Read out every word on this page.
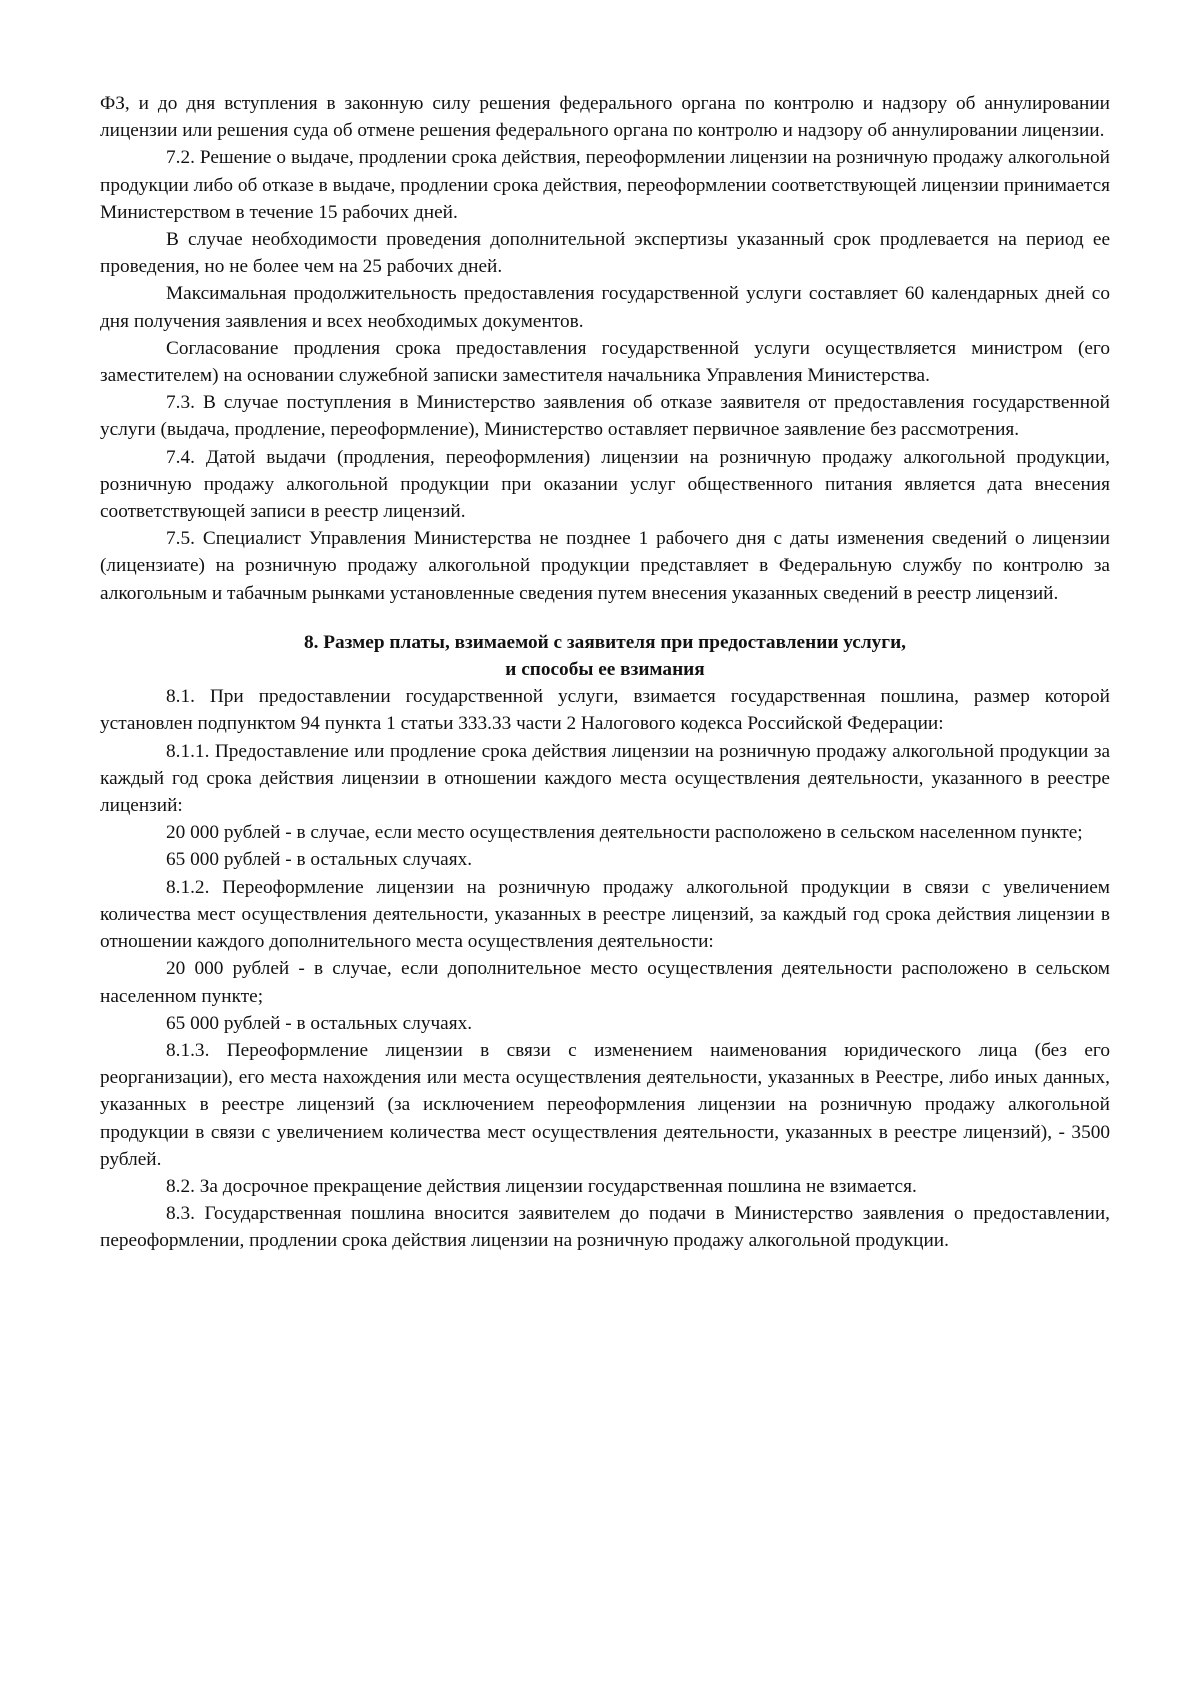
ФЗ, и до дня вступления в законную силу решения федерального органа по контролю и надзору об аннулировании лицензии или решения суда об отмене решения федерального органа по контролю и надзору об аннулировании лицензии.

7.2. Решение о выдаче, продлении срока действия, переоформлении лицензии на розничную продажу алкогольной продукции либо об отказе в выдаче, продлении срока действия, переоформлении соответствующей лицензии принимается Министерством в течение 15 рабочих дней.

В случае необходимости проведения дополнительной экспертизы указанный срок продлевается на период ее проведения, но не более чем на 25 рабочих дней.

Максимальная продолжительность предоставления государственной услуги составляет 60 календарных дней со дня получения заявления и всех необходимых документов.

Согласование продления срока предоставления государственной услуги осуществляется министром (его заместителем) на основании служебной записки заместителя начальника Управления Министерства.

7.3. В случае поступления в Министерство заявления об отказе заявителя от предоставления государственной услуги (выдача, продление, переоформление), Министерство оставляет первичное заявление без рассмотрения.

7.4. Датой выдачи (продления, переоформления) лицензии на розничную продажу алкогольной продукции, розничную продажу алкогольной продукции при оказании услуг общественного питания является дата внесения соответствующей записи в реестр лицензий.

7.5. Специалист Управления Министерства не позднее 1 рабочего дня с даты изменения сведений о лицензии (лицензиате) на розничную продажу алкогольной продукции представляет в Федеральную службу по контролю за алкогольным и табачным рынками установленные сведения путем внесения указанных сведений в реестр лицензий.

8. Размер платы, взимаемой с заявителя при предоставлении услуги,
и способы ее взимания

8.1. При предоставлении государственной услуги, взимается государственная пошлина, размер которой установлен подпунктом 94 пункта 1 статьи 333.33 части 2 Налогового кодекса Российской Федерации:

8.1.1. Предоставление или продление срока действия лицензии на розничную продажу алкогольной продукции за каждый год срока действия лицензии в отношении каждого места осуществления деятельности, указанного в реестре лицензий:

20 000 рублей - в случае, если место осуществления деятельности расположено в сельском населенном пункте;

65 000 рублей - в остальных случаях.

8.1.2. Переоформление лицензии на розничную продажу алкогольной продукции в связи с увеличением количества мест осуществления деятельности, указанных в реестре лицензий, за каждый год срока действия лицензии в отношении каждого дополнительного места осуществления деятельности:

20 000 рублей - в случае, если дополнительное место осуществления деятельности расположено в сельском населенном пункте;

65 000 рублей - в остальных случаях.

8.1.3. Переоформление лицензии в связи с изменением наименования юридического лица (без его реорганизации), его места нахождения или места осуществления деятельности, указанных в Реестре, либо иных данных, указанных в реестре лицензий (за исключением переоформления лицензии на розничную продажу алкогольной продукции в связи с увеличением количества мест осуществления деятельности, указанных в реестре лицензий), - 3500 рублей.

8.2. За досрочное прекращение действия лицензии государственная пошлина не взимается.

8.3. Государственная пошлина вносится заявителем до подачи в Министерство заявления о предоставлении, переоформлении, продлении срока действия лицензии на розничную продажу алкогольной продукции.
